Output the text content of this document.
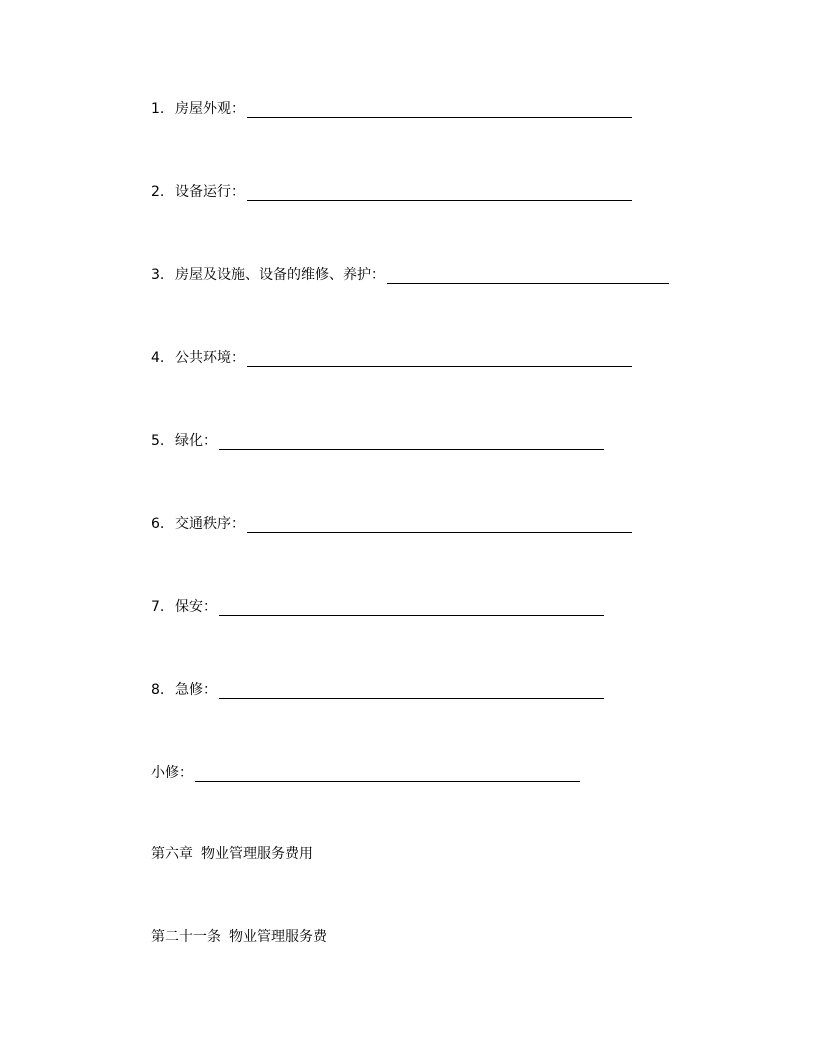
1. 房屋外观：
2. 设备运行：
3. 房屋及设施、设备的维修、养护：
4. 公共环境：
5. 绿化：
6. 交通秩序：
7. 保安：
8. 急修：
小修：
第六章 物业管理服务费用
第二十一条 物业管理服务费
